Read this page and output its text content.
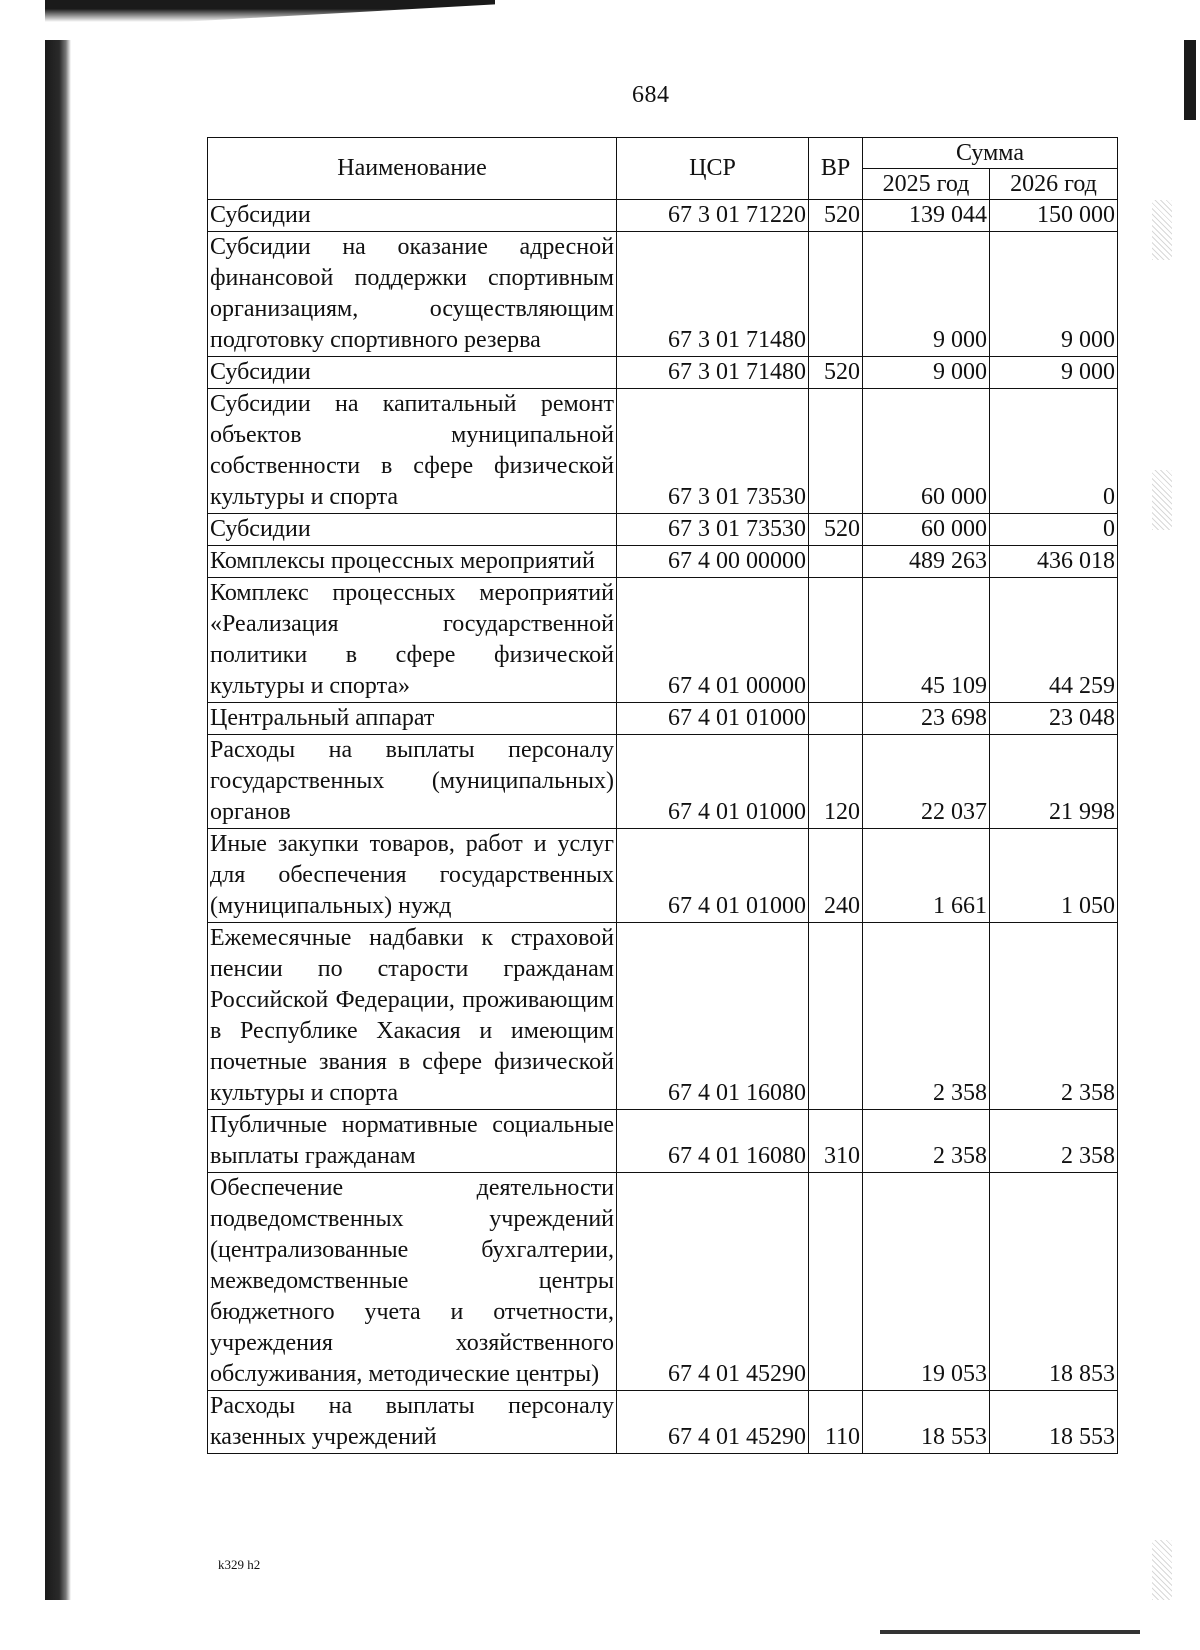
684
Наименование	ЦСР	ВР	Сумма	
			2025 год	2026 год
Субсидии	67 3 01 71220	520	139 044	150 000
Субсидии на оказание адресной финансовой поддержки спортивным организациям, осуществляющим подготовку спортивного резерва	67 3 01 71480		9 000	9 000
Субсидии	67 3 01 71480	520	9 000	9 000
Субсидии на капитальный ремонт объектов муниципальной собственности в сфере физической культуры и спорта	67 3 01 73530		60 000	0
Субсидии	67 3 01 73530	520	60 000	0
Комплексы процессных мероприятий	67 4 00 00000		489 263	436 018
Комплекс процессных мероприятий «Реализация государственной политики в сфере физической культуры и спорта»	67 4 01 00000		45 109	44 259
Центральный аппарат	67 4 01 01000		23 698	23 048
Расходы на выплаты персоналу государственных (муниципальных) органов	67 4 01 01000	120	22 037	21 998
Иные закупки товаров, работ и услуг для обеспечения государственных (муниципальных) нужд	67 4 01 01000	240	1 661	1 050
Ежемесячные надбавки к страховой пенсии по старости гражданам Российской Федерации, проживающим в Республике Хакасия и имеющим почетные звания в сфере физической культуры и спорта	67 4 01 16080		2 358	2 358
Публичные нормативные социальные выплаты гражданам	67 4 01 16080	310	2 358	2 358
Обеспечение деятельности подведомственных учреждений (централизованные бухгалтерии, межведомственные центры бюджетного учета и отчетности, учреждения хозяйственного обслуживания, методические центры)	67 4 01 45290		19 053	18 853
Расходы на выплаты персоналу казенных учреждений	67 4 01 45290	110	18 553	18 553
k329 h2
